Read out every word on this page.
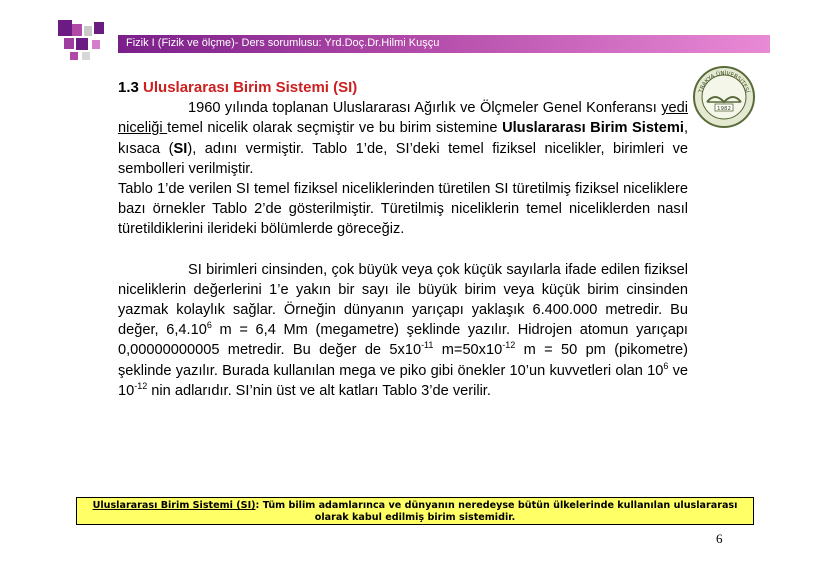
Fizik I (Fizik ve ölçme)- Ders sorumlusu: Yrd.Doç.Dr.Hilmi Kuşçu
TRAKYA ÜNİVERSİTESİ
1982

1.3 Uluslararası Birim Sistemi (SI)

1960 yılında toplanan Uluslararası Ağırlık ve Ölçmeler Genel Konferansı yedi niceliği temel nicelik olarak seçmiştir ve bu birim sistemine Uluslararası Birim Sistemi, kısaca (SI), adını vermiştir. Tablo 1’de, SI’deki temel fiziksel nicelikler, birimleri ve sembolleri verilmiştir.

Tablo 1’de verilen SI temel fiziksel niceliklerinden türetilen SI türetilmiş fiziksel niceliklere bazı örnekler Tablo 2’de gösterilmiştir. Türetilmiş niceliklerin temel niceliklerden nasıl türetildiklerini ilerideki bölümlerde göreceğiz.

SI birimleri cinsinden, çok büyük veya çok küçük sayılarla ifade edilen fiziksel niceliklerin değerlerini 1’e yakın bir sayı ile büyük birim veya küçük birim cinsinden yazmak kolaylık sağlar. Örneğin dünyanın yarıçapı yaklaşık 6.400.000 metredir. Bu değer, 6,4.10$^6$ m = 6,4 Mm (megametre) şeklinde yazılır. Hidrojen atomun yarıçapı 0,00000000005 metredir. Bu değer de $5x10^{-11}$ $m=50x10^{-12}$ m = 50 pm (pikometre) şeklinde yazılır. Burada kullanılan mega ve piko gibi önekler 10’un kuvvetleri olan $10^6$ ve $10^{-12}$ nin adlarıdır. SI’nin üst ve alt katları Tablo 3’de verilir.

Uluslararası Birim Sistemi (SI): Tüm bilim adamlarınca ve dünyanın neredeyse bütün ülkelerinde kullanılan uluslararası olarak kabul edilmiş birim sistemidir.
6
